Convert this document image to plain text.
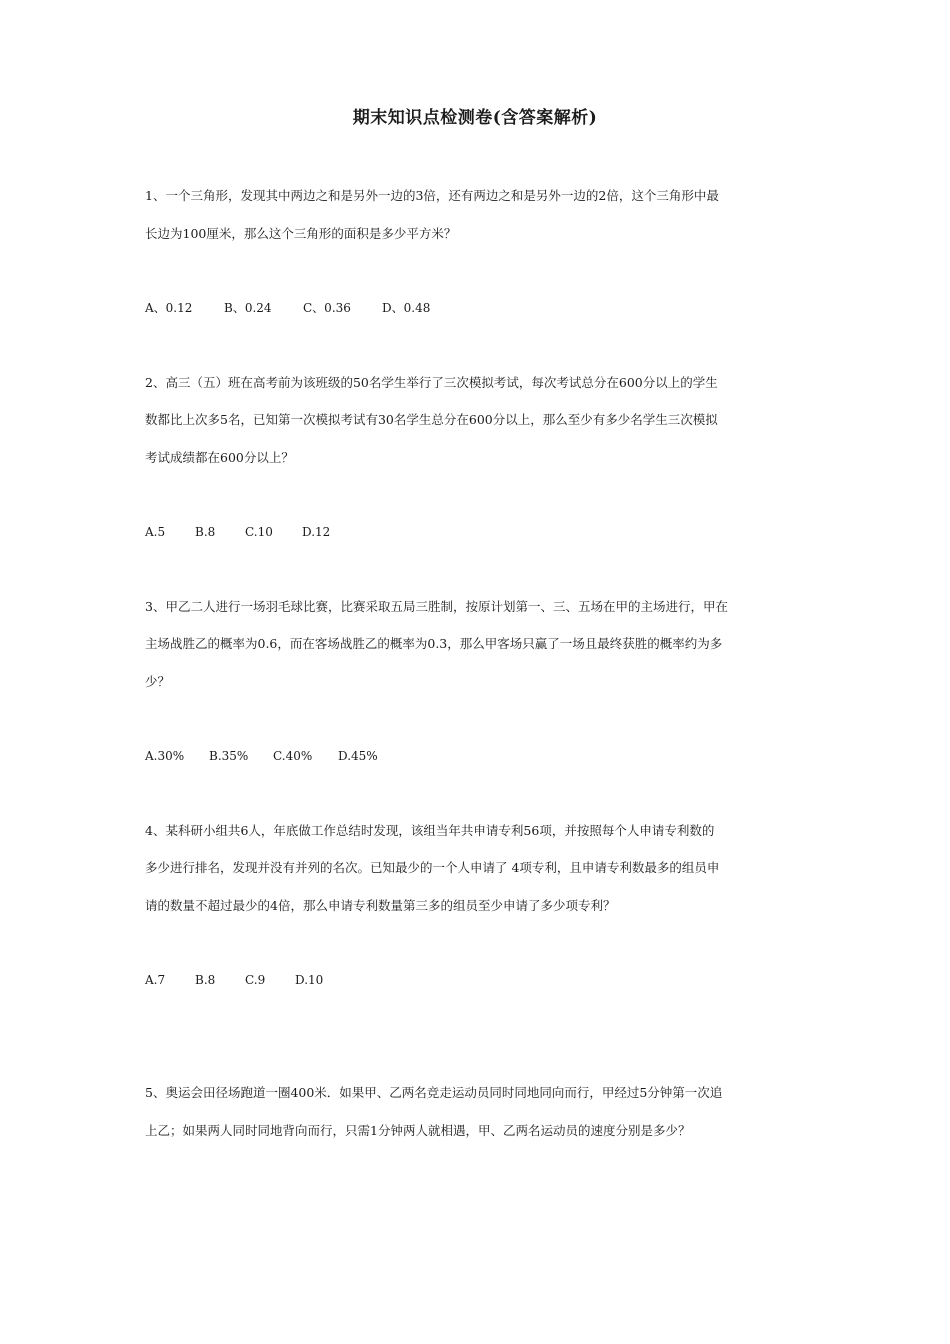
期末知识点检测卷(含答案解析)
1、一个三角形，发现其中两边之和是另外一边的3倍，还有两边之和是另外一边的2倍，这个三角形中最
长边为100厘米，那么这个三角形的面积是多少平方米？
A、0.12	B、0.24	C、0.36	D、0.48
2、高三（五）班在高考前为该班级的50名学生举行了三次模拟考试，每次考试总分在600分以上的学生
数都比上次多5名，已知第一次模拟考试有30名学生总分在600分以上，那么至少有多少名学生三次模拟
考试成绩都在600分以上？
A.5 B.8 C.10 D.12
3、甲乙二人进行一场羽毛球比赛，比赛采取五局三胜制，按原计划第一、三、五场在甲的主场进行，甲在
主场战胜乙的概率为0.6，而在客场战胜乙的概率为0.3，那么甲客场只赢了一场且最终获胜的概率约为多
少？
A.30% B.35% C.40% D.45%
4、某科研小组共6人，年底做工作总结时发现，该组当年共申请专利56项，并按照每个人申请专利数的
多少进行排名，发现并没有并列的名次。已知最少的一个人申请了 4项专利，且申请专利数最多的组员申
请的数量不超过最少的4倍，那么申请专利数量第三多的组员至少申请了多少项专利？
A.7 B.8 C.9 D.10
5、奥运会田径场跑道一圈400米．如果甲、乙两名竞走运动员同时同地同向而行，甲经过5分钟第一次追
上乙；如果两人同时同地背向而行，只需1分钟两人就相遇，甲、乙两名运动员的速度分别是多少？
